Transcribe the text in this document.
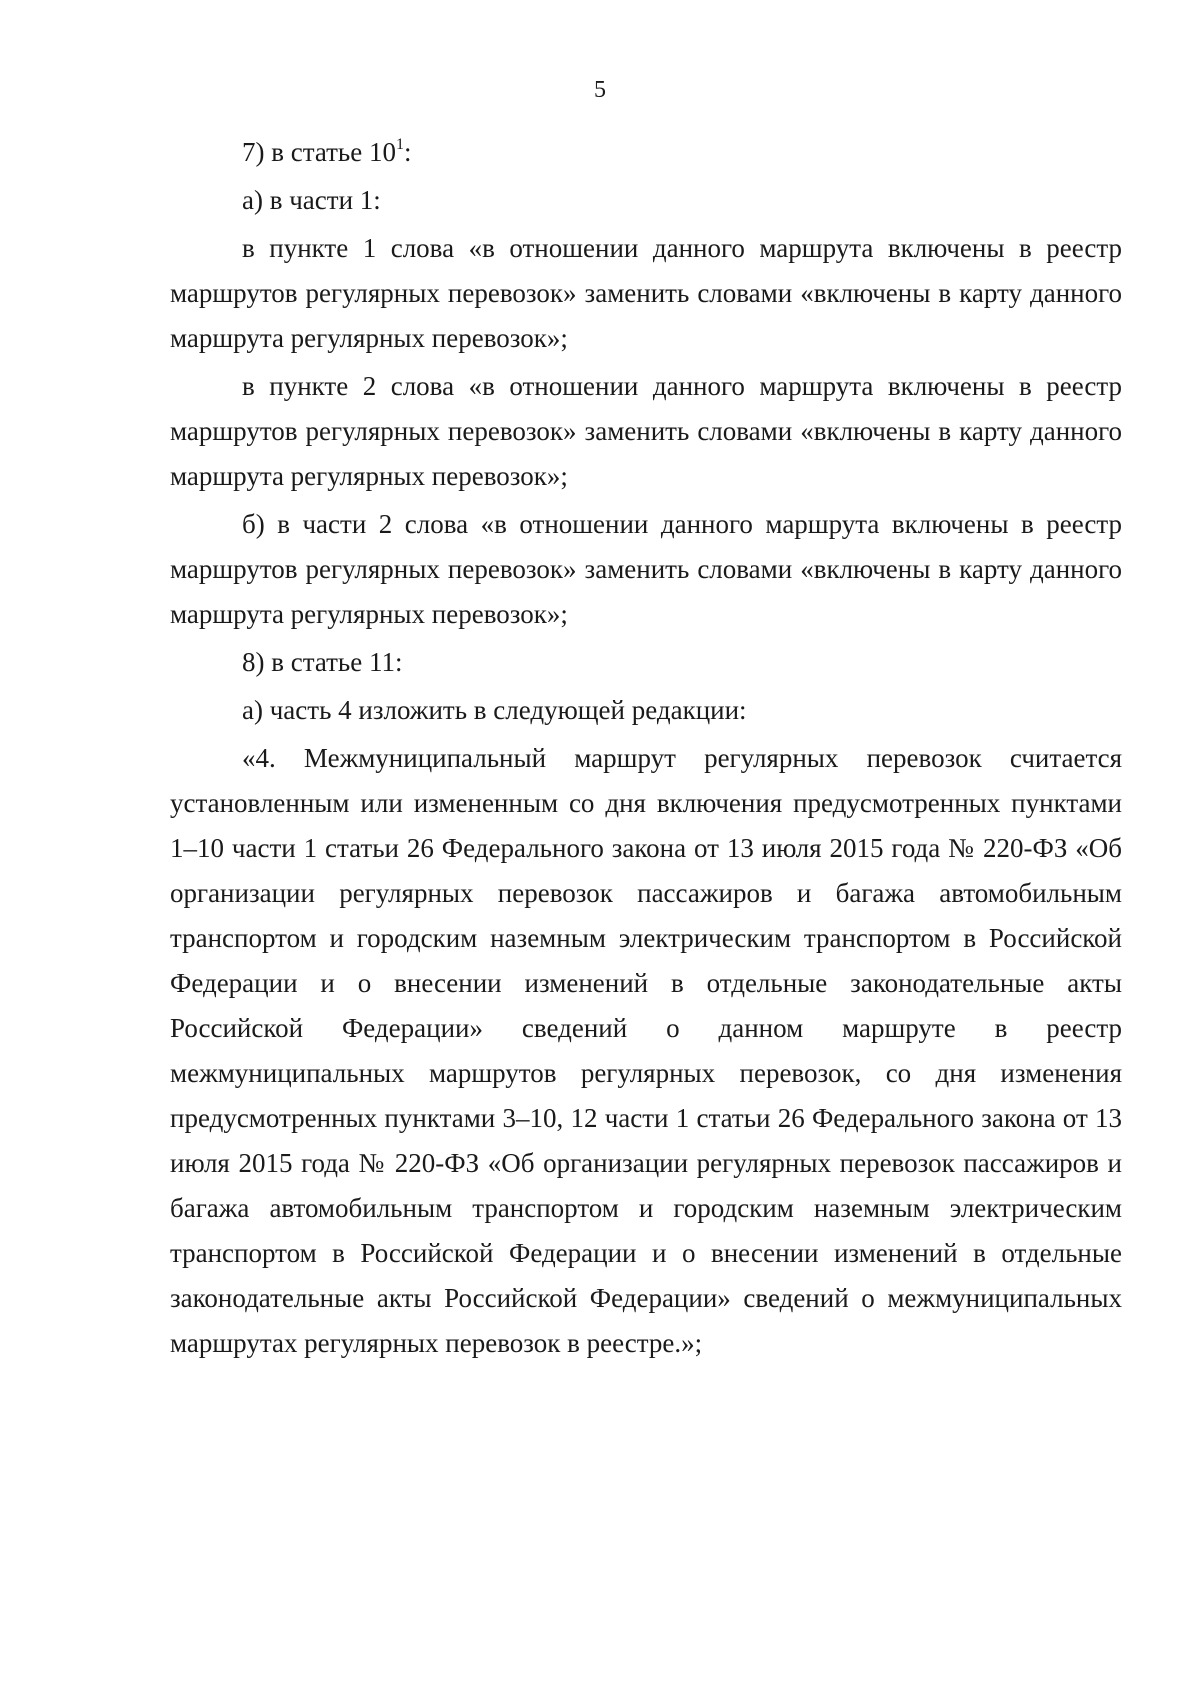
5

7) в статье $10^1$:

а) в части 1:

в пункте 1 слова «в отношении данного маршрута включены в реестр маршрутов регулярных перевозок» заменить словами «включены в карту данного маршрута регулярных перевозок»;

в пункте 2 слова «в отношении данного маршрута включены в реестр маршрутов регулярных перевозок» заменить словами «включены в карту данного маршрута регулярных перевозок»;

б) в части 2 слова «в отношении данного маршрута включены в реестр маршрутов регулярных перевозок» заменить словами «включены в карту данного маршрута регулярных перевозок»;

8) в статье 11:

а) часть 4 изложить в следующей редакции:

«4. Межмуниципальный маршрут регулярных перевозок считается установленным или измененным со дня включения предусмотренных пунктами 1–10 части 1 статьи 26 Федерального закона от 13 июля 2015 года № 220-ФЗ «Об организации регулярных перевозок пассажиров и багажа автомобильным транспортом и городским наземным электрическим транспортом в Российской Федерации и о внесении изменений в отдельные законодательные акты Российской Федерации» сведений о данном маршруте в реестр межмуниципальных маршрутов регулярных перевозок, со дня изменения предусмотренных пунктами 3–10, 12 части 1 статьи 26 Федерального закона от 13 июля 2015 года № 220-ФЗ «Об организации регулярных перевозок пассажиров и багажа автомобильным транспортом и городским наземным электрическим транспортом в Российской Федерации и о внесении изменений в отдельные законодательные акты Российской Федерации» сведений о межмуниципальных маршрутах регулярных перевозок в реестре.»;
